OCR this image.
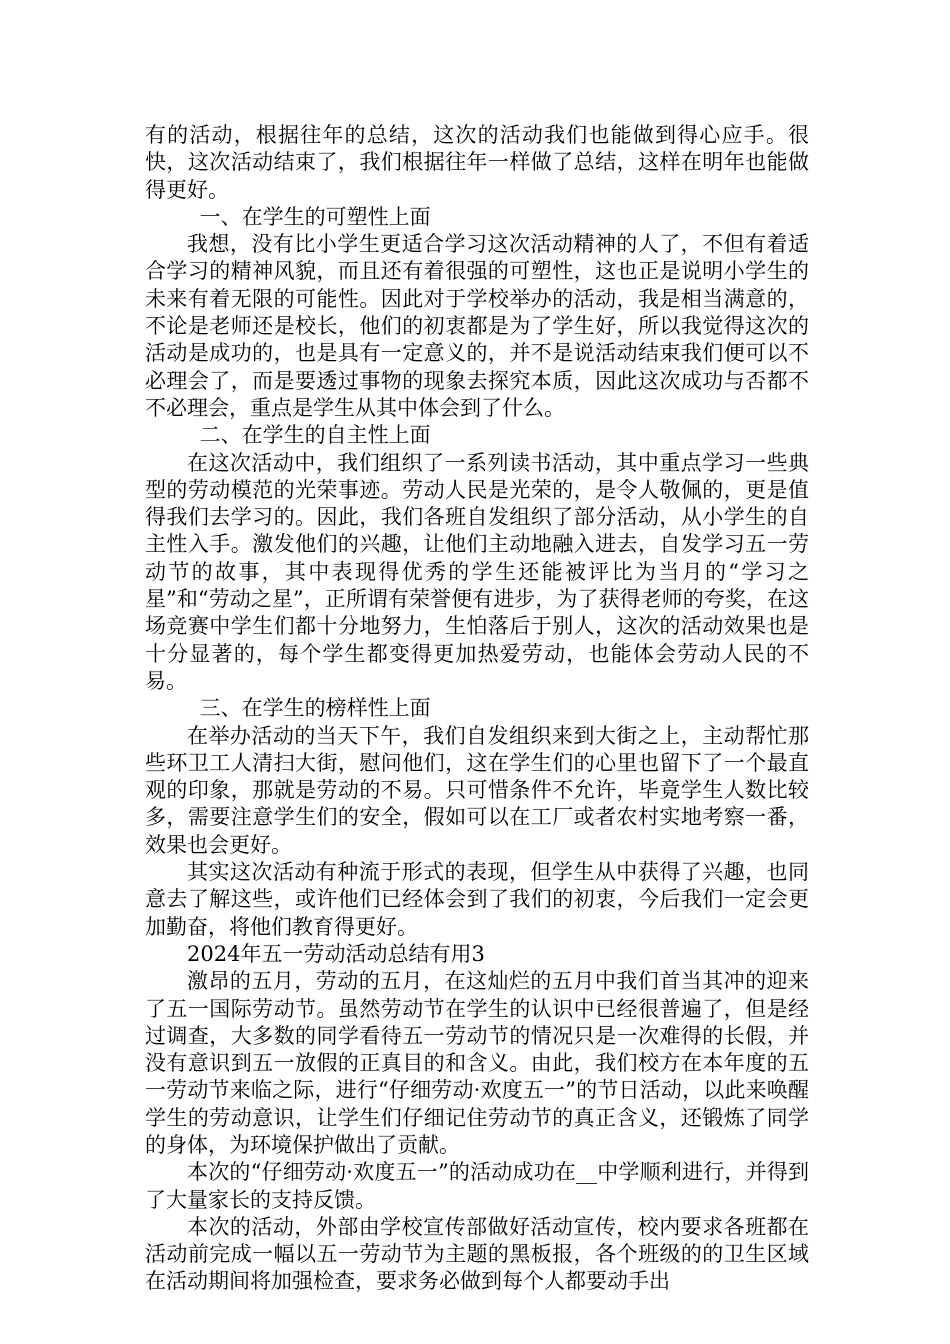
有的活动，根据往年的总结，这次的活动我们也能做到得心应手。很快，这次活动结束了，我们根据往年一样做了总结，这样在明年也能做得更好。

一、在学生的可塑性上面

我想，没有比小学生更适合学习这次活动精神的人了，不但有着适合学习的精神风貌，而且还有着很强的可塑性，这也正是说明小学生的未来有着无限的可能性。因此对于学校举办的活动，我是相当满意的，不论是老师还是校长，他们的初衷都是为了学生好，所以我觉得这次的活动是成功的，也是具有一定意义的，并不是说活动结束我们便可以不必理会了，而是要透过事物的现象去探究本质，因此这次成功与否都不不必理会，重点是学生从其中体会到了什么。

二、在学生的自主性上面

在这次活动中，我们组织了一系列读书活动，其中重点学习一些典型的劳动模范的光荣事迹。劳动人民是光荣的，是令人敬佩的，更是值得我们去学习的。因此，我们各班自发组织了部分活动，从小学生的自主性入手。激发他们的兴趣，让他们主动地融入进去，自发学习五一劳动节的故事，其中表现得优秀的学生还能被评比为当月的“学习之星”和“劳动之星”，正所谓有荣誉便有进步，为了获得老师的夸奖，在这场竞赛中学生们都十分地努力，生怕落后于别人，这次的活动效果也是十分显著的，每个学生都变得更加热爱劳动，也能体会劳动人民的不易。

三、在学生的榜样性上面

在举办活动的当天下午，我们自发组织来到大街之上，主动帮忙那些环卫工人清扫大街，慰问他们，这在学生们的心里也留下了一个最直观的印象，那就是劳动的不易。只可惜条件不允许，毕竟学生人数比较多，需要注意学生们的安全，假如可以在工厂或者农村实地考察一番，效果也会更好。

其实这次活动有种流于形式的表现，但学生从中获得了兴趣，也同意去了解这些，或许他们已经体会到了我们的初衷，今后我们一定会更加勤奋，将他们教育得更好。

2024年五一劳动活动总结有用3

激昂的五月，劳动的五月，在这灿烂的五月中我们首当其冲的迎来了五一国际劳动节。虽然劳动节在学生的认识中已经很普遍了，但是经过调查，大多数的同学看待五一劳动节的情况只是一次难得的长假，并没有意识到五一放假的正真目的和含义。由此，我们校方在本年度的五一劳动节来临之际，进行“仔细劳动·欢度五一”的节日活动，以此来唤醒学生的劳动意识，让学生们仔细记住劳动节的真正含义，还锻炼了同学的身体，为环境保护做出了贡献。

本次的“仔细劳动·欢度五一”的活动成功在__中学顺利进行，并得到了大量家长的支持反馈。

本次的活动，外部由学校宣传部做好活动宣传，校内要求各班都在活动前完成一幅以五一劳动节为主题的黑板报，各个班级的的卫生区域在活动期间将加强检查，要求务必做到每个人都要动手出
